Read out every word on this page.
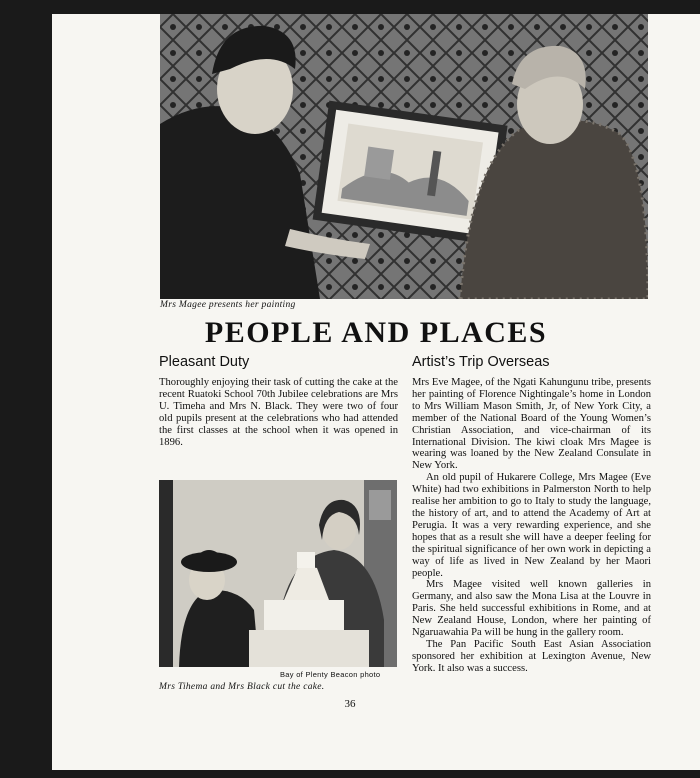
Mrs Magee presents her painting
PEOPLE AND PLACES
Pleasant Duty

Thoroughly enjoying their task of cutting the cake at the recent Ruatoki School 70th Jubilee celebrations are Mrs U. Timeha and Mrs N. Black. They were two of four old pupils present at the celebrations who had attended the first classes at the school when it was opened in 1896.

Bay of Plenty Beacon photo
Mrs Tihema and Mrs Black cut the cake.
Artist’s Trip Overseas

Mrs Eve Magee, of the Ngati Kahungunu tribe, presents her painting of Florence Nightingale’s home in London to Mrs William Mason Smith, Jr, of New York City, a member of the National Board of the Young Women’s Christian Association, and vice-chairman of its International Division. The kiwi cloak Mrs Magee is wearing was loaned by the New Zealand Consulate in New York.

An old pupil of Hukarere College, Mrs Magee (Eve White) had two exhibitions in Palmerston North to help realise her ambition to go to Italy to study the language, the history of art, and to attend the Academy of Art at Perugia. It was a very rewarding experience, and she hopes that as a result she will have a deeper feeling for the spiritual significance of her own work in depicting a way of life as lived in New Zealand by her Maori people.

Mrs Magee visited well known galleries in Germany, and also saw the Mona Lisa at the Louvre in Paris. She held successful exhibitions in Rome, and at New Zealand House, London, where her painting of Ngaruawahia Pa will be hung in the gallery room.

The Pan Pacific South East Asian Association sponsored her exhibition at Lexington Avenue, New York. It also was a success.

36
